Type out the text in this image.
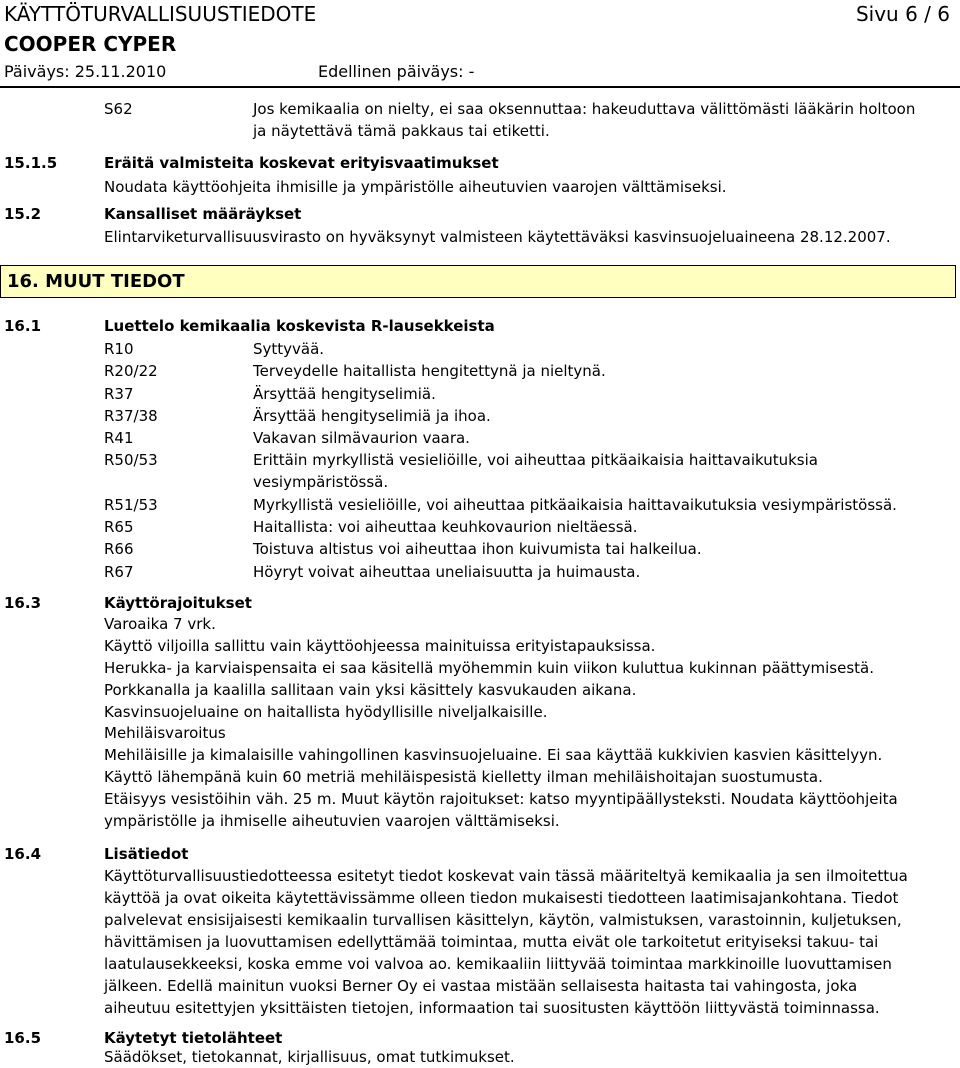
KÄYTTÖTURVALLISUUSTIEDOTE	Sivu 6 / 6
COOPER CYPER
Päiväys: 25.11.2010	Edellinen päiväys: -
S62	Jos kemikaalia on nielty, ei saa oksennuttaa: hakeuduttava välittömästi lääkärin holtoon
ja näytettävä tämä pakkaus tai etiketti.
15.1.5	Eräitä valmisteita koskevat erityisvaatimukset
Noudata käyttöohjeita ihmisille ja ympäristölle aiheutuvien vaarojen välttämiseksi.
15.2	Kansalliset määräykset
Elintarviketurvallisuusvirasto on hyväksynyt valmisteen käytettäväksi kasvinsuojeluaineena 28.12.2007.
16. MUUT TIEDOT
16.1	Luettelo kemikaalia koskevista R-lausekkeista
R10	Syttyvää.
R20/22	Terveydelle haitallista hengitettynä ja nieltynä.
R37	Ärsyttää hengityselimiä.
R37/38	Ärsyttää hengityselimiä ja ihoa.
R41	Vakavan silmävaurion vaara.
R50/53	Erittäin myrkyllistä vesieliöille, voi aiheuttaa pitkäaikaisia haittavaikutuksia
vesiympäristössä.
R51/53	Myrkyllistä vesieliöille, voi aiheuttaa pitkäaikaisia haittavaikutuksia vesiympäristössä.
R65	Haitallista: voi aiheuttaa keuhkovaurion nieltäessä.
R66	Toistuva altistus voi aiheuttaa ihon kuivumista tai halkeilua.
R67	Höyryt voivat aiheuttaa uneliaisuutta ja huimausta.
16.3	Käyttörajoitukset
Varoaika 7 vrk.
Käyttö viljoilla sallittu vain käyttöohjeessa mainituissa erityistapauksissa.
Herukka- ja karviaispensaita ei saa käsitellä myöhemmin kuin viikon kuluttua kukinnan päättymisestä.
Porkkanalla ja kaalilla sallitaan vain yksi käsittely kasvukauden aikana.
Kasvinsuojeluaine on haitallista hyödyllisille niveljalkaisille.
Mehiläisvaroitus
Mehiläisille ja kimalaisille vahingollinen kasvinsuojeluaine. Ei saa käyttää kukkivien kasvien käsittelyyn.
Käyttö lähempänä kuin 60 metriä mehiläispesistä kielletty ilman mehiläishoitajan suostumusta.
Etäisyys vesistöihin väh. 25 m. Muut käytön rajoitukset: katso myyntipäällysteksti. Noudata käyttöohjeita
ympäristölle ja ihmiselle aiheutuvien vaarojen välttämiseksi.
16.4	Lisätiedot
Käyttöturvallisuustiedotteessa esitetyt tiedot koskevat vain tässä määriteltyä kemikaalia ja sen ilmoitettua
käyttöä ja ovat oikeita käytettävissämme olleen tiedon mukaisesti tiedotteen laatimisajankohtana. Tiedot
palvelevat ensisijaisesti kemikaalin turvallisen käsittelyn, käytön, valmistuksen, varastoinnin, kuljetuksen,
hävittämisen ja luovuttamisen edellyttämää toimintaa, mutta eivät ole tarkoitetut erityiseksi takuu- tai
laatulausekkeeksi, koska emme voi valvoa ao. kemikaaliin liittyvää toimintaa markkinoille luovuttamisen
jälkeen. Edellä mainitun vuoksi Berner Oy ei vastaa mistään sellaisesta haitasta tai vahingosta, joka
aiheutuu esitettyjen yksittäisten tietojen, informaation tai suositusten käyttöön liittyvästä toiminnassa.
16.5	Käytetyt tietolähteet
Säädökset, tietokannat, kirjallisuus, omat tutkimukset.
